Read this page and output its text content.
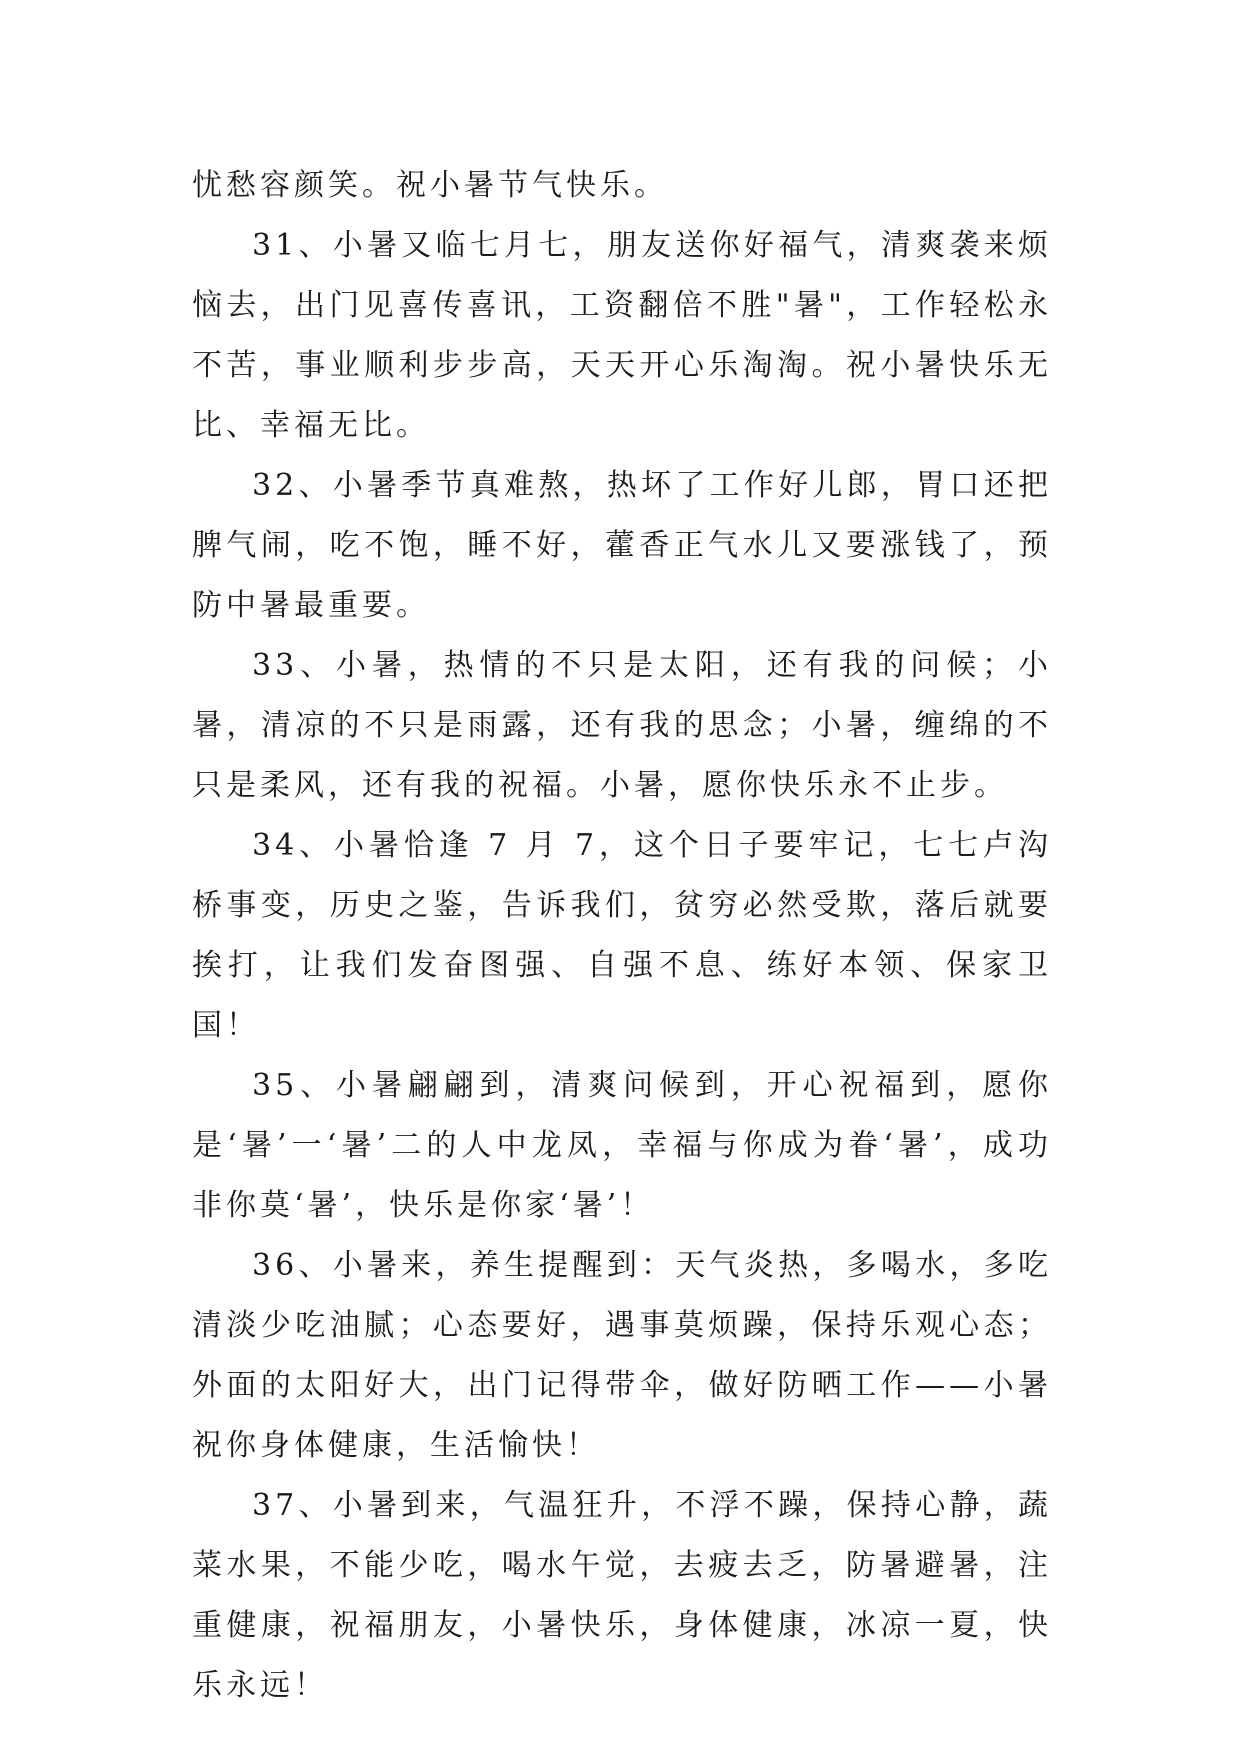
忧愁容颜笑。祝小暑节气快乐。

31、小暑又临七月七，朋友送你好福气，清爽袭来烦恼去，出门见喜传喜讯，工资翻倍不胜"暑"，工作轻松永不苦，事业顺利步步高，天天开心乐淘淘。祝小暑快乐无比、幸福无比。

32、小暑季节真难熬，热坏了工作好儿郎，胃口还把脾气闹，吃不饱，睡不好，藿香正气水儿又要涨钱了，预防中暑最重要。

33、小暑，热情的不只是太阳，还有我的问候；小暑，清凉的不只是雨露，还有我的思念；小暑，缠绵的不只是柔风，还有我的祝福。小暑，愿你快乐永不止步。

34、小暑恰逢 7 月 7，这个日子要牢记，七七卢沟桥事变，历史之鉴，告诉我们，贫穷必然受欺，落后就要挨打，让我们发奋图强、自强不息、练好本领、保家卫国！

35、小暑翩翩到，清爽问候到，开心祝福到，愿你是‘暑’一‘暑’二的人中龙凤，幸福与你成为眷‘暑’，成功非你莫‘暑’，快乐是你家‘暑’！

36、小暑来，养生提醒到：天气炎热，多喝水，多吃清淡少吃油腻；心态要好，遇事莫烦躁，保持乐观心态；外面的太阳好大，出门记得带伞，做好防晒工作——小暑祝你身体健康，生活愉快！

37、小暑到来，气温狂升，不浮不躁，保持心静，蔬菜水果，不能少吃，喝水午觉，去疲去乏，防暑避暑，注重健康，祝福朋友，小暑快乐，身体健康，冰凉一夏，快乐永远！
